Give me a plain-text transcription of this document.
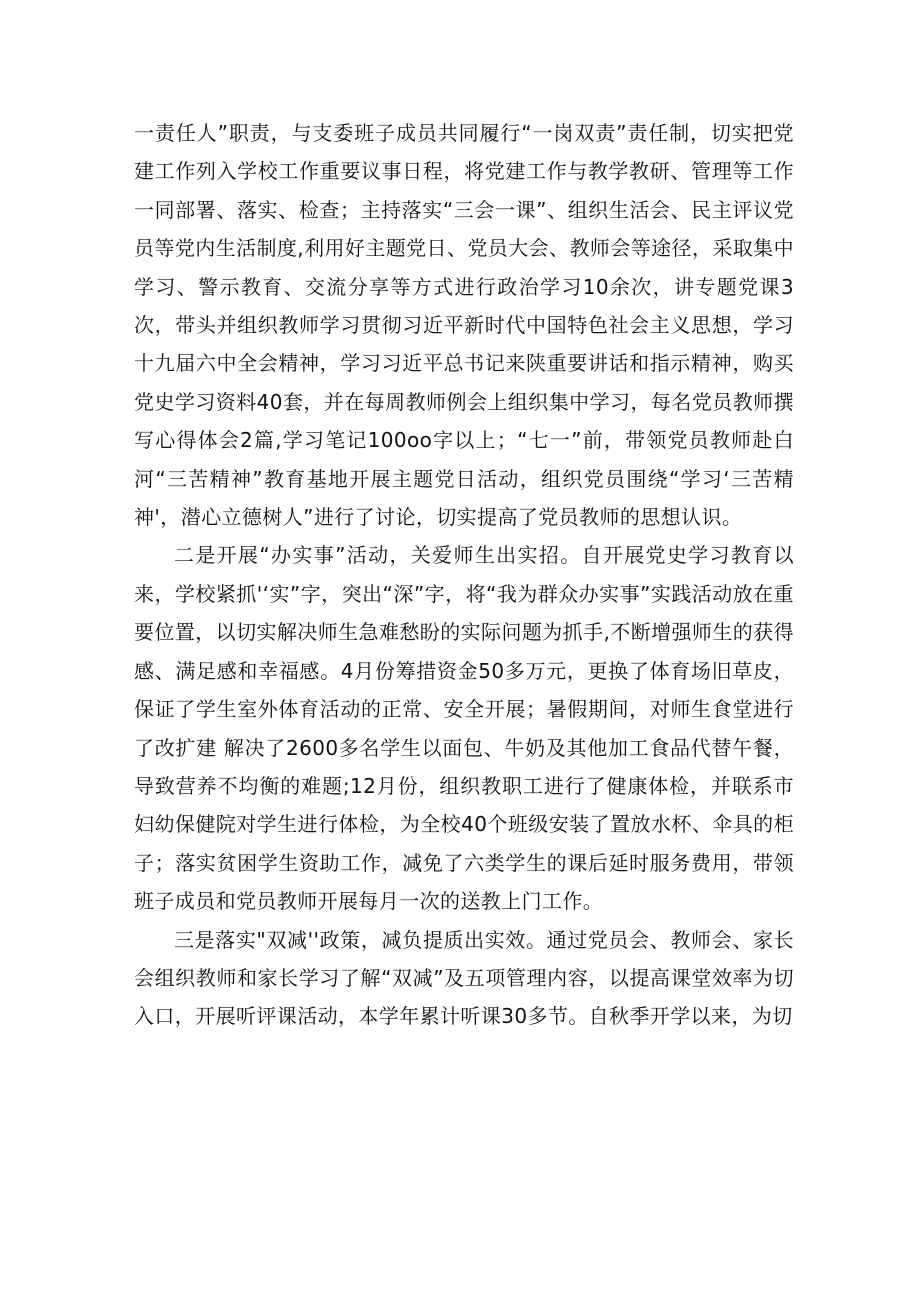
一责任人”职责，与支委班子成员共同履行“一岗双责”责任制，切实把党建工作列入学校工作重要议事日程，将党建工作与教学教研、管理等工作一同部署、落实、检查；主持落实“三会一课”、组织生活会、民主评议党员等党内生活制度,利用好主题党日、党员大会、教师会等途径，采取集中学习、警示教育、交流分享等方式进行政治学习10余次，讲专题党课3次，带头并组织教师学习贯彻习近平新时代中国特色社会主义思想，学习十九届六中全会精神，学习习近平总书记来陕重要讲话和指示精神，购买党史学习资料40套，并在每周教师例会上组织集中学习，每名党员教师撰写心得体会2篇,学习笔记100oo字以上；“七一”前，带领党员教师赴白河“三苦精神”教育基地开展主题党日活动，组织党员围绕“学习‘三苦精神'，潜心立德树人”进行了讨论，切实提高了党员教师的思想认识。

二是开展“办实事”活动，关爱师生出实招。自开展党史学习教育以来，学校紧抓'‘实”字，突出“深”字，将“我为群众办实事”实践活动放在重要位置，以切实解决师生急难愁盼的实际问题为抓手,不断增强师生的获得感、满足感和幸福感。4月份筹措资金50多万元，更换了体育场旧草皮，保证了学生室外体育活动的正常、安全开展；暑假期间，对师生食堂进行了改扩建 解决了2600多名学生以面包、牛奶及其他加工食品代替午餐，导致营养不均衡的难题;12月份，组织教职工进行了健康体检，并联系市妇幼保健院对学生进行体检，为全校40个班级安装了置放水杯、伞具的柜子；落实贫困学生资助工作，减免了六类学生的课后延时服务费用，带领班子成员和党员教师开展每月一次的送教上门工作。

三是落实"双减''政策，减负提质出实效。通过党员会、教师会、家长会组织教师和家长学习了解“双减”及五项管理内容，以提高课堂效率为切入口，开展听评课活动，本学年累计听课30多节。自秋季开学以来，为切
